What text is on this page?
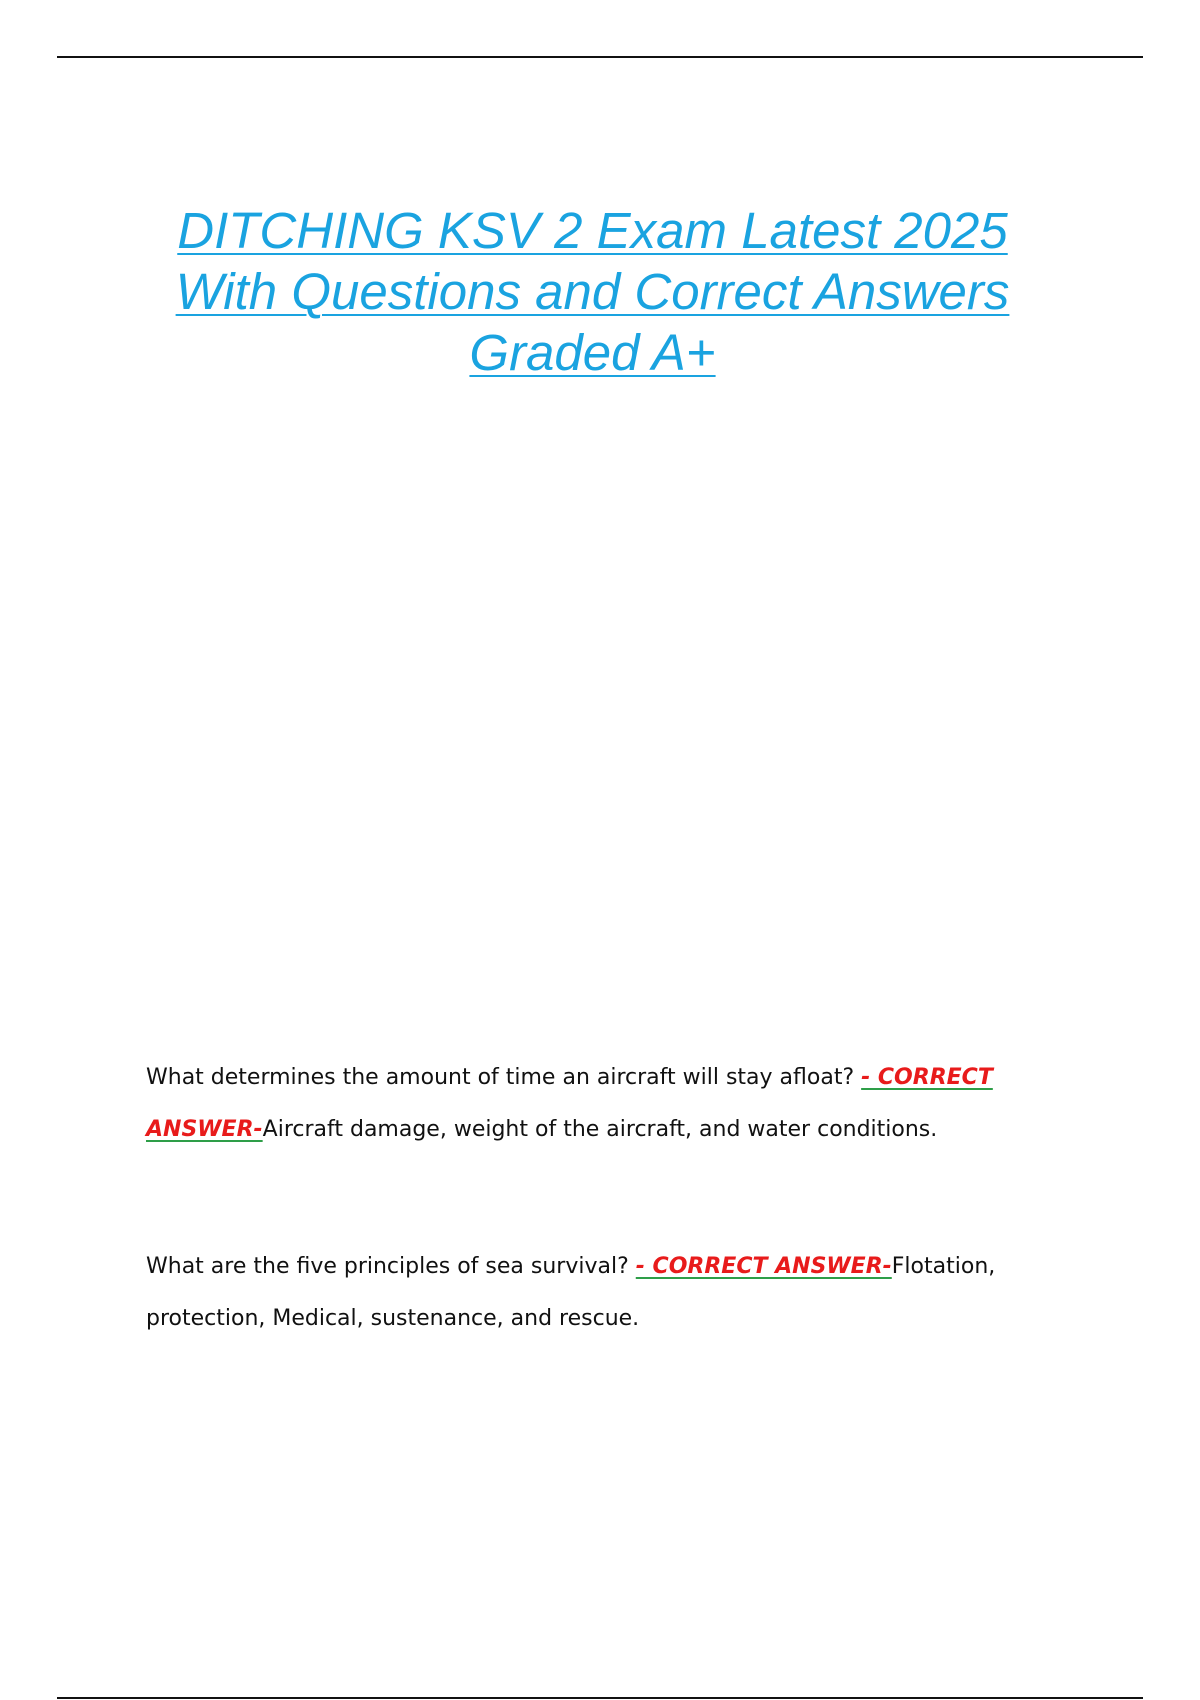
DITCHING KSV 2 Exam Latest 2025 With Questions and Correct Answers Graded A+

What determines the amount of time an aircraft will stay afloat? - CORRECT ANSWER-Aircraft damage, weight of the aircraft, and water conditions.

What are the five principles of sea survival? - CORRECT ANSWER-Flotation, protection, Medical, sustenance, and rescue.
